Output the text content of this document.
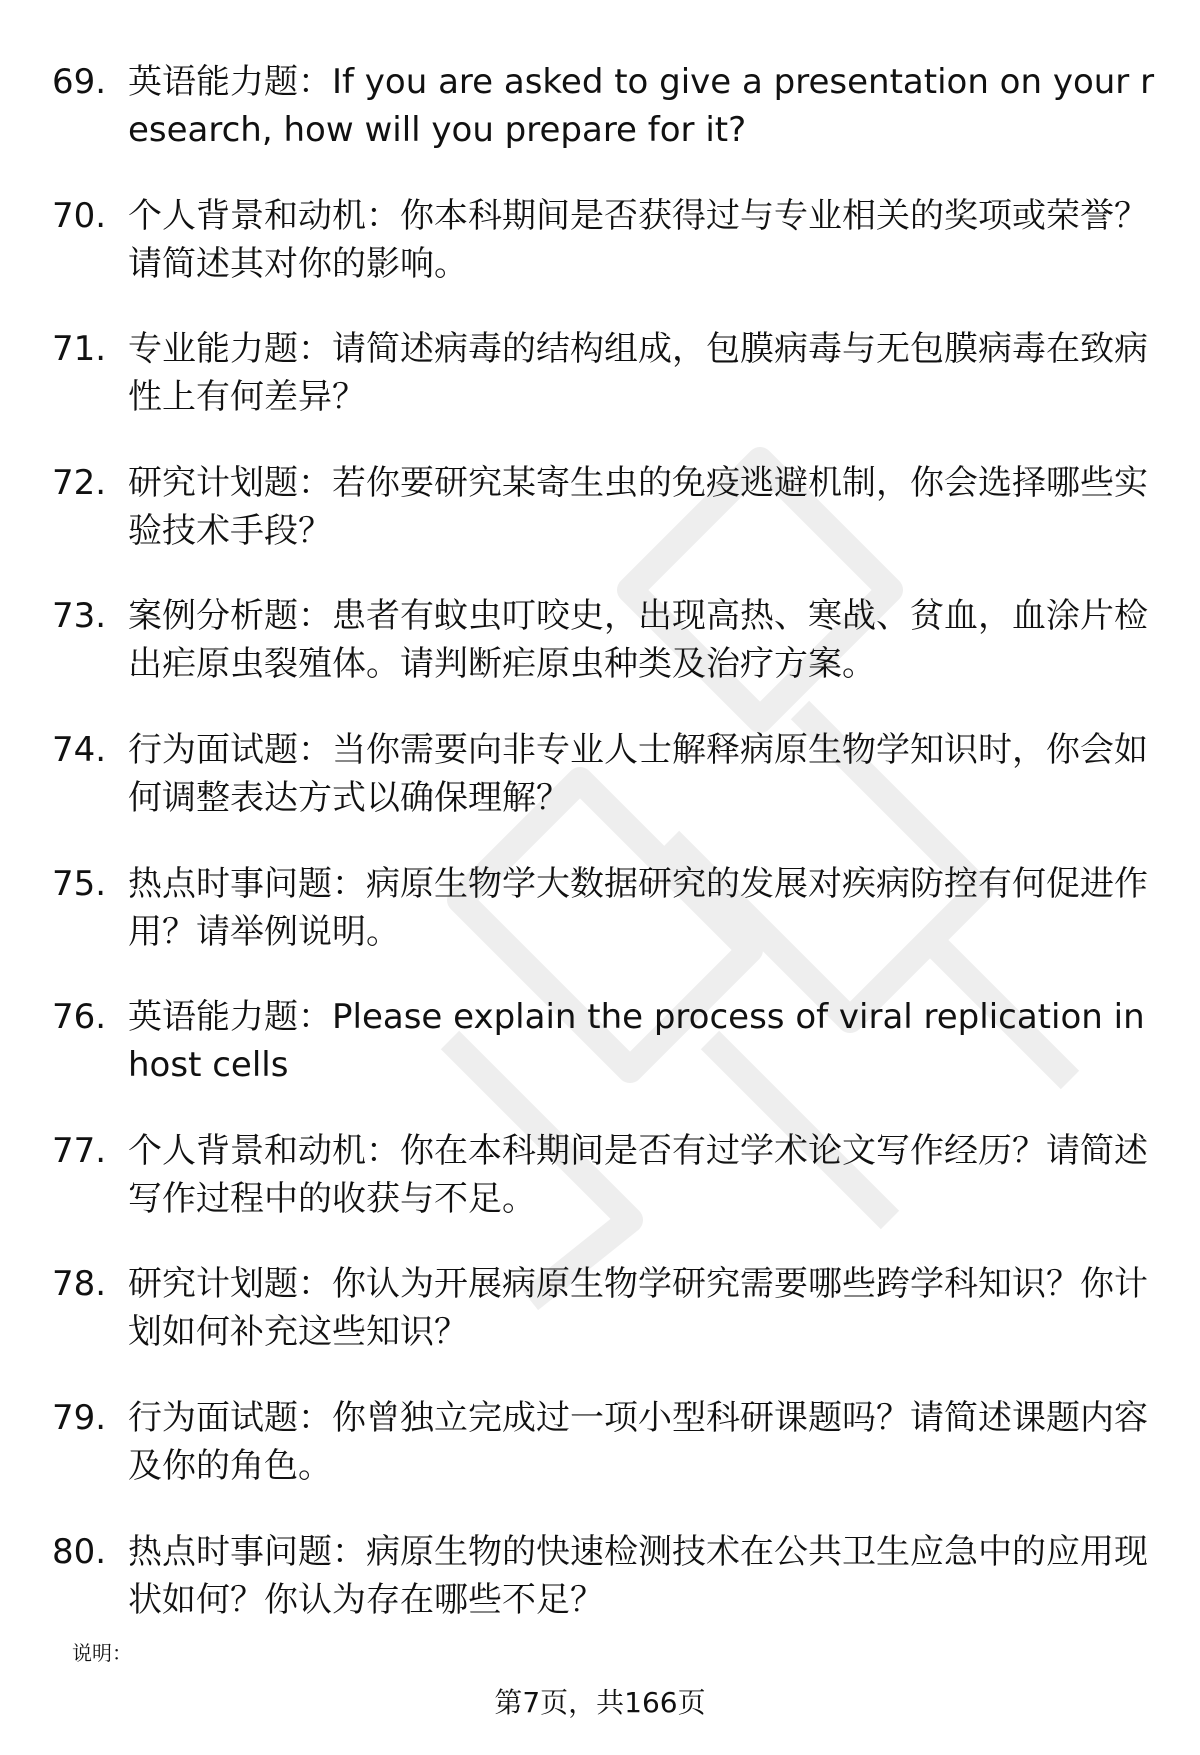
69. 英语能力题：If you are asked to give a presentation on your research, how will you prepare for it?
70. 个人背景和动机：你本科期间是否获得过与专业相关的奖项或荣誉？请简述其对你的影响。
71. 专业能力题：请简述病毒的结构组成，包膜病毒与无包膜病毒在致病性上有何差异？
72. 研究计划题：若你要研究某寄生虫的免疫逃避机制，你会选择哪些实验技术手段？
73. 案例分析题：患者有蚊虫叮咬史，出现高热、寒战、贫血，血涂片检出疟原虫裂殖体。请判断疟原虫种类及治疗方案。
74. 行为面试题：当你需要向非专业人士解释病原生物学知识时，你会如何调整表达方式以确保理解？
75. 热点时事问题：病原生物学大数据研究的发展对疾病防控有何促进作用？请举例说明。
76. 英语能力题：Please explain the process of viral replication in host cells
77. 个人背景和动机：你在本科期间是否有过学术论文写作经历？请简述写作过程中的收获与不足。
78. 研究计划题：你认为开展病原生物学研究需要哪些跨学科知识？你计划如何补充这些知识？
79. 行为面试题：你曾独立完成过一项小型科研课题吗？请简述课题内容及你的角色。
80. 热点时事问题：病原生物的快速检测技术在公共卫生应急中的应用现状如何？你认为存在哪些不足？
说明：
第7页，共166页
